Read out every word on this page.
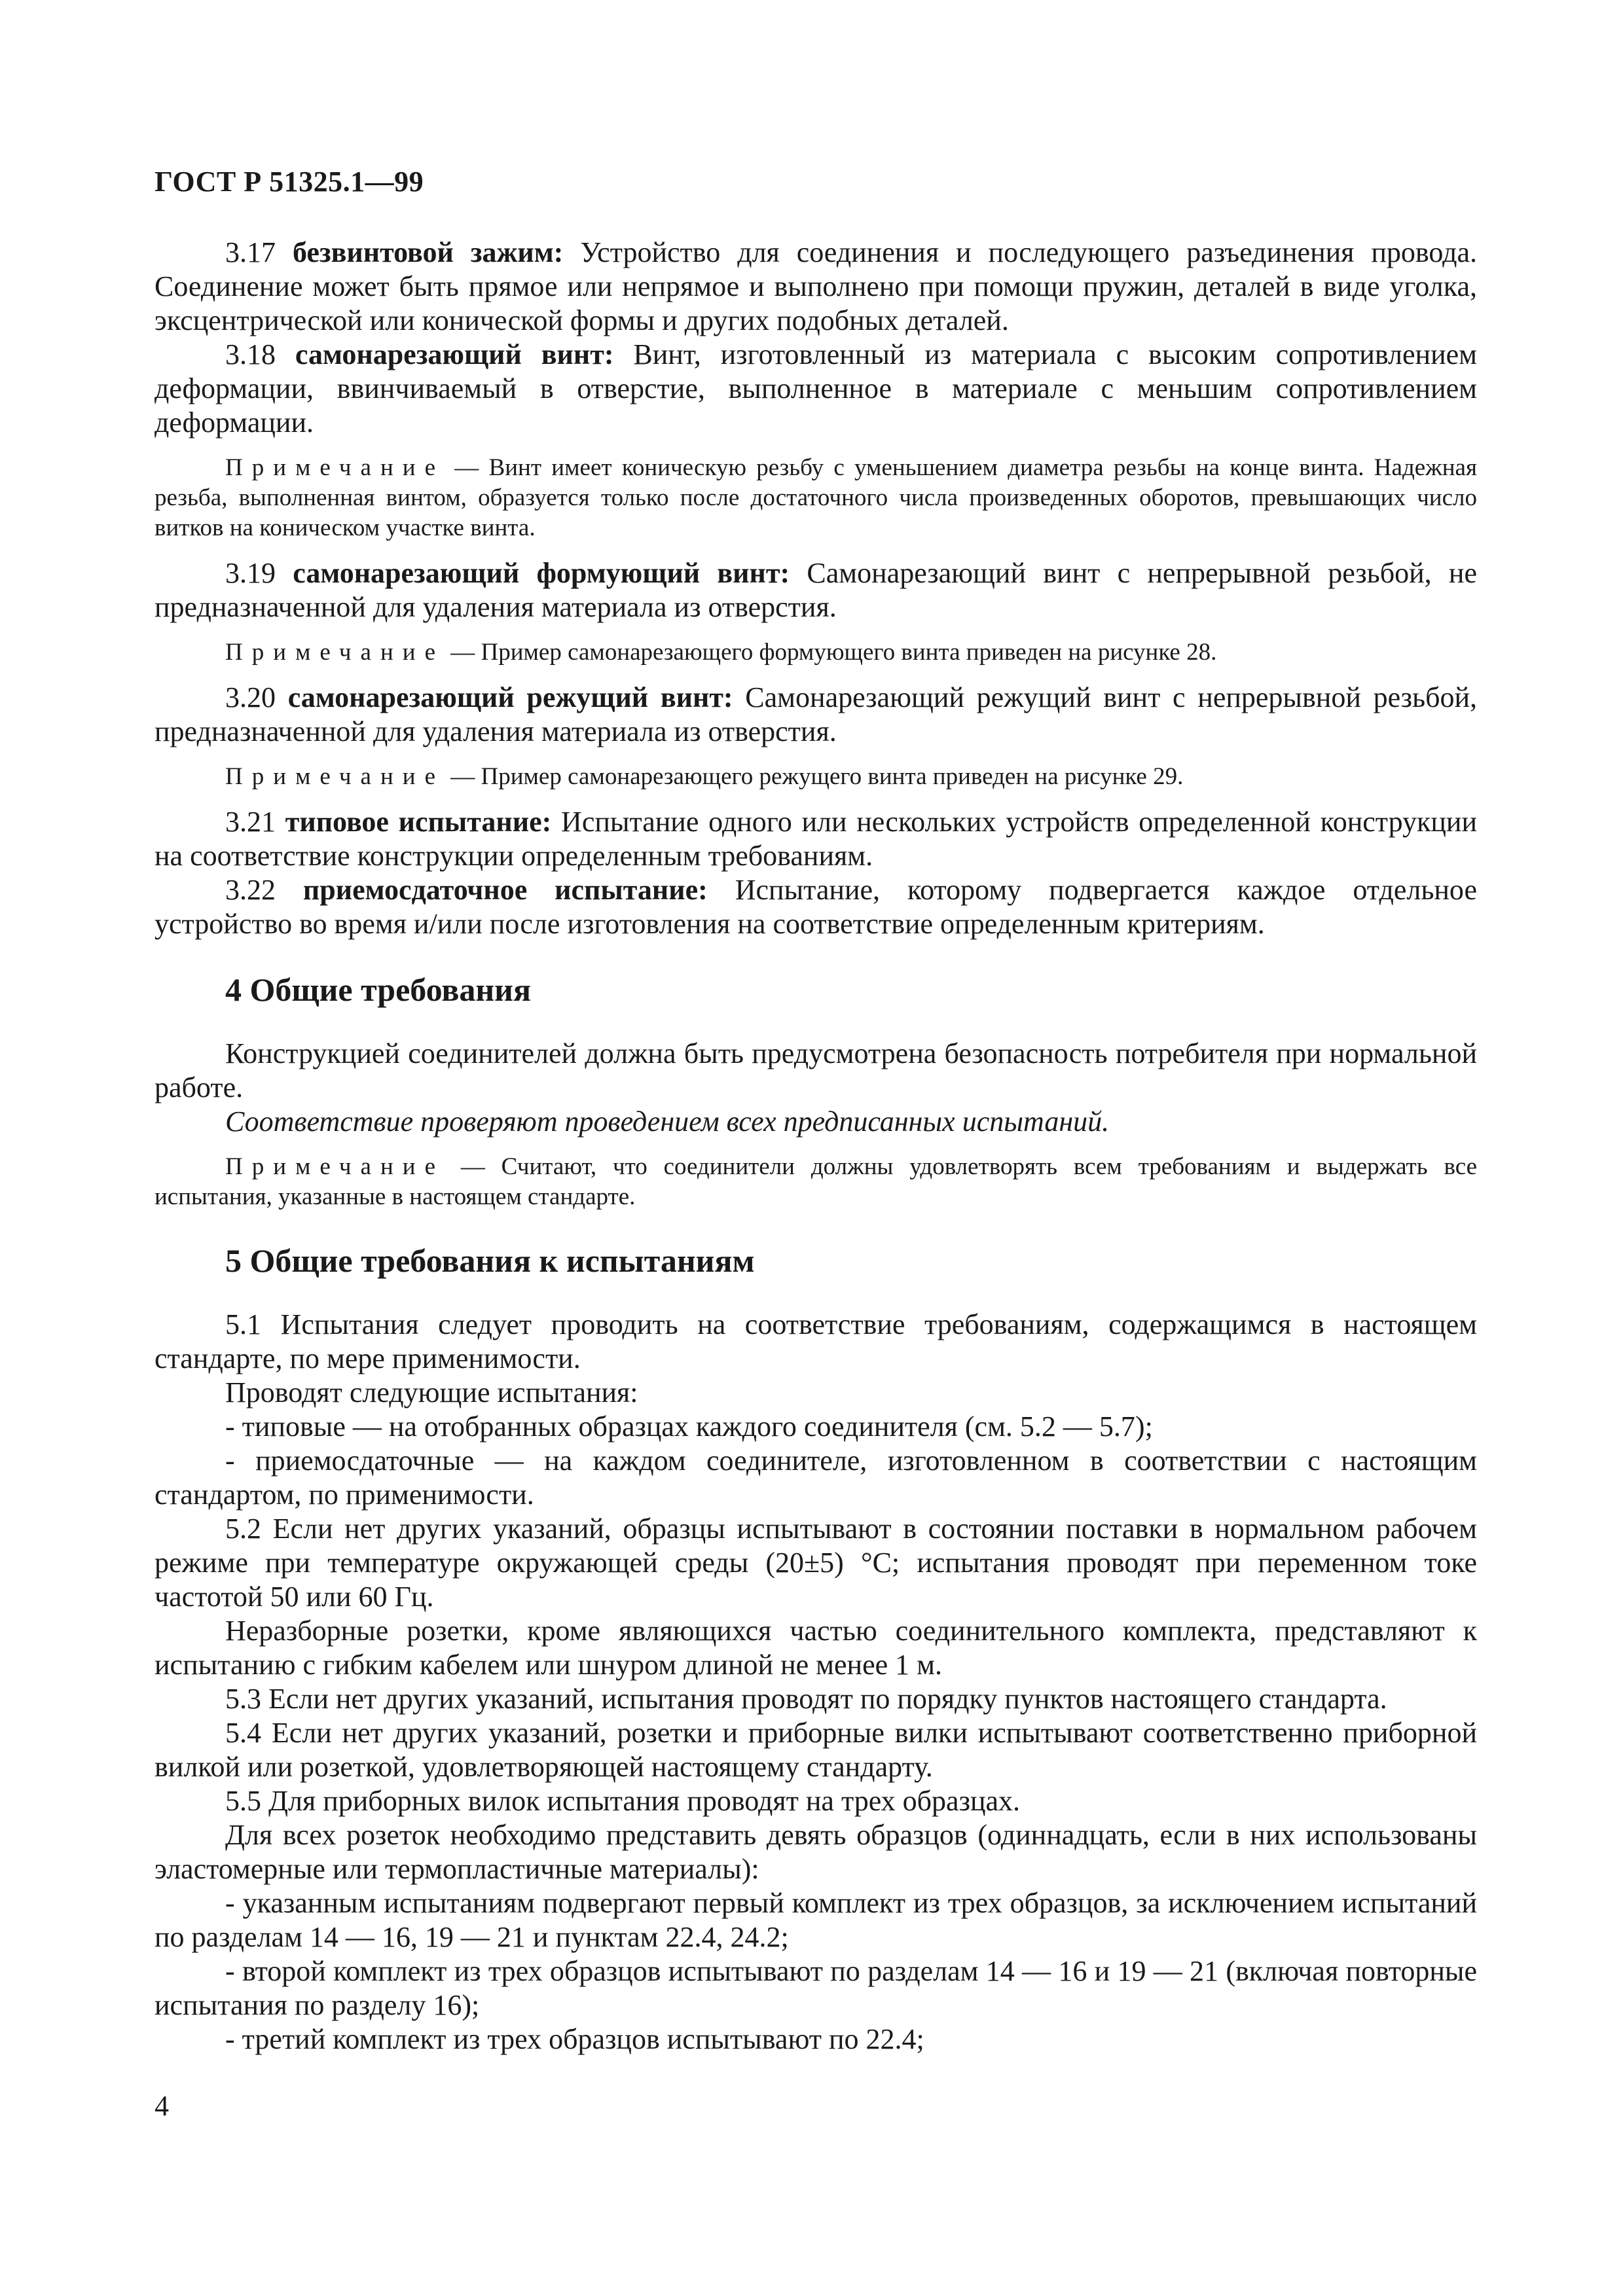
ГОСТ Р 51325.1—99

3.17 безвинтовой зажим: Устройство для соединения и последующего разъединения провода. Соединение может быть прямое или непрямое и выполнено при помощи пружин, деталей в виде уголка, эксцентрической или конической формы и других подобных деталей.

3.18 самонарезающий винт: Винт, изготовленный из материала с высоким сопротивлением деформации, ввинчиваемый в отверстие, выполненное в материале с меньшим сопротивлением деформации.

Примечание — Винт имеет коническую резьбу с уменьшением диаметра резьбы на конце винта. Надежная резьба, выполненная винтом, образуется только после достаточного числа произведенных оборотов, превышающих число витков на коническом участке винта.

3.19 самонарезающий формующий винт: Самонарезающий винт с непрерывной резьбой, не предназначенной для удаления материала из отверстия.

Примечание — Пример самонарезающего формующего винта приведен на рисунке 28.

3.20 самонарезающий режущий винт: Самонарезающий режущий винт с непрерывной резьбой, предназначенной для удаления материала из отверстия.

Примечание — Пример самонарезающего режущего винта приведен на рисунке 29.

3.21 типовое испытание: Испытание одного или нескольких устройств определенной конструкции на соответствие конструкции определенным требованиям.

3.22 приемосдаточное испытание: Испытание, которому подвергается каждое отдельное устройство во время и/или после изготовления на соответствие определенным критериям.

4 Общие требования

Конструкцией соединителей должна быть предусмотрена безопасность потребителя при нормальной работе.

Соответствие проверяют проведением всех предписанных испытаний.

Примечание — Считают, что соединители должны удовлетворять всем требованиям и выдержать все испытания, указанные в настоящем стандарте.

5 Общие требования к испытаниям

5.1 Испытания следует проводить на соответствие требованиям, содержащимся в настоящем стандарте, по мере применимости.

Проводят следующие испытания:

- типовые — на отобранных образцах каждого соединителя (см. 5.2 — 5.7);

- приемосдаточные — на каждом соединителе, изготовленном в соответствии с настоящим стандартом, по применимости.

5.2 Если нет других указаний, образцы испытывают в состоянии поставки в нормальном рабочем режиме при температуре окружающей среды (20±5) °С; испытания проводят при переменном токе частотой 50 или 60 Гц.

Неразборные розетки, кроме являющихся частью соединительного комплекта, представляют к испытанию с гибким кабелем или шнуром длиной не менее 1 м.

5.3 Если нет других указаний, испытания проводят по порядку пунктов настоящего стандарта.

5.4 Если нет других указаний, розетки и приборные вилки испытывают соответственно приборной вилкой или розеткой, удовлетворяющей настоящему стандарту.

5.5 Для приборных вилок испытания проводят на трех образцах.

Для всех розеток необходимо представить девять образцов (одиннадцать, если в них использованы эластомерные или термопластичные материалы):

- указанным испытаниям подвергают первый комплект из трех образцов, за исключением испытаний по разделам 14 — 16, 19 — 21 и пунктам 22.4, 24.2;

- второй комплект из трех образцов испытывают по разделам 14 — 16 и 19 — 21 (включая повторные испытания по разделу 16);

- третий комплект из трех образцов испытывают по 22.4;

4
